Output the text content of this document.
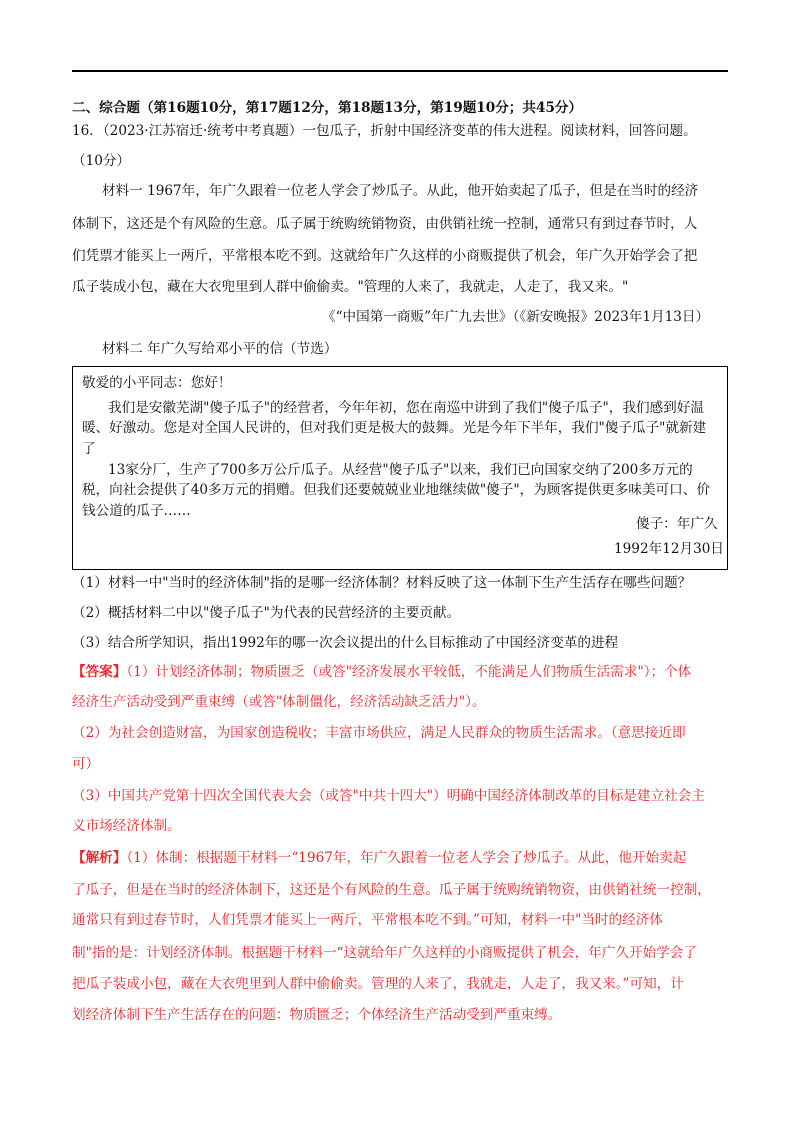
二、综合题（第16题10分，第17题12分，第18题13分，第19题10分；共45分）
16．（2023·江苏宿迁·统考中考真题）一包瓜子，折射中国经济变革的伟大进程。阅读材料，回答问题。
（10分）
材料一 1967年，年广久跟着一位老人学会了炒瓜子。从此，他开始卖起了瓜子，但是在当时的经济
体制下，这还是个有风险的生意。瓜子属于统购统销物资，由供销社统一控制，通常只有到过春节时，人
们凭票才能买上一两斤，平常根本吃不到。这就给年广久这样的小商贩提供了机会，年广久开始学会了把
瓜子装成小包，藏在大衣兜里到人群中偷偷卖。"管理的人来了，我就走，人走了，我又来。"
《“中国第一商贩”年广九去世》（《新安晚报》2023年1月13日）
材料二 年广久写给邓小平的信（节选）
敬爱的小平同志：您好！
我们是安徽芜湖"傻子瓜子"的经营者，今年年初，您在南巡中讲到了我们"傻子瓜子"，我们感到好温
暖、好激动。您是对全国人民讲的，但对我们更是极大的鼓舞。光是今年下半年，我们"傻子瓜子"就新建
了
13家分厂，生产了700多万公斤瓜子。从经营"傻子瓜子"以来，我们已向国家交纳了200多万元的
税，向社会提供了40多万元的捐赠。但我们还要兢兢业业地继续做"傻子"，为顾客提供更多味美可口、价
钱公道的瓜子……
傻子：年广久
1992年12月30日
（1）材料一中"当时的经济体制"指的是哪一经济体制？材料反映了这一体制下生产生活存在哪些问题？
（2）概括材料二中以"傻子瓜子"为代表的民营经济的主要贡献。
（3）结合所学知识，指出1992年的哪一次会议提出的什么目标推动了中国经济变革的进程
【答案】（1）计划经济体制；物质匮乏（或答"经济发展水平较低，不能满足人们物质生活需求"）；个体
经济生产活动受到严重束缚（或答"体制僵化，经济活动缺乏活力"）。
（2）为社会创造财富，为国家创造税收；丰富市场供应，满足人民群众的物质生活需求。（意思接近即
可）
（3）中国共产党第十四次全国代表大会（或答"中共十四大"）明确中国经济体制改革的目标是建立社会主
义市场经济体制。
【解析】（1）体制：根据题干材料一“1967年，年广久跟着一位老人学会了炒瓜子。从此，他开始卖起
了瓜子，但是在当时的经济体制下，这还是个有风险的生意。瓜子属于统购统销物资，由供销社统一控制，
通常只有到过春节时，人们凭票才能买上一两斤，平常根本吃不到。”可知，材料一中"当时的经济体
制"指的是：计划经济体制。根据题干材料一“这就给年广久这样的小商贩提供了机会，年广久开始学会了
把瓜子装成小包，藏在大衣兜里到人群中偷偷卖。管理的人来了，我就走，人走了，我又来。”可知，计
划经济体制下生产生活存在的问题：物质匮乏；个体经济生产活动受到严重束缚。
